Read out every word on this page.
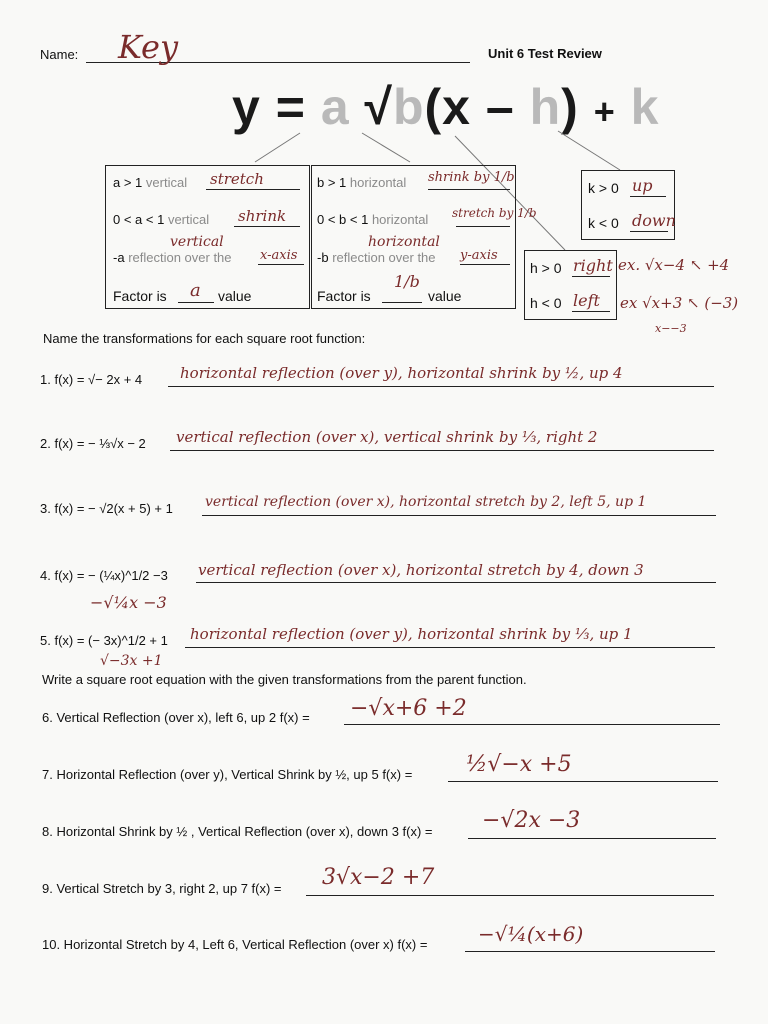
Name: Key	Unit 6 Test Review
y = a √b(x – h) + k
a > 1 vertical stretch
0 < a < 1 vertical shrink
vertical
-a reflection over the x-axis
Factor is a value
b > 1 horizontal shrink by 1/b
0 < b < 1 horizontal stretch by 1/b
horizontal
-b reflection over the y-axis
Factor is
1/b
value
k > 0 up
k < 0 down
h > 0 right
h < 0 left
ex. √x−4 ↖ +4
ex √x+3 ↖ (−3)
x−−3
Name the transformations for each square root function:
1. f(x) = √− 2x + 4	horizontal reflection (over y), horizontal shrink by ½, up 4
2. f(x) = − ⅓√x − 2 vertical reflection (over x), vertical shrink by ⅓, right 2
3. f(x) = − √2(x + 5) + 1 vertical reflection (over x), horizontal stretch by 2, left 5, up 1
4. f(x) = − (¼x)^1/2 −3 vertical reflection (over x), horizontal stretch by 4, down 3
−√¼x −3
5. f(x) = (− 3x)^1/2 + 1 horizontal reflection (over y), horizontal shrink by ⅓, up 1
√−3x +1
Write a square root equation with the given transformations from the parent function.
6. Vertical Reflection (over x), left 6, up 2 f(x) = −√x+6 +2
7. Horizontal Reflection (over y), Vertical Shrink by ½, up 5 f(x) = ½√−x +5
8. Horizontal Shrink by ½ , Vertical Reflection (over x), down 3 f(x) = −√2x −3
9. Vertical Stretch by 3, right 2, up 7 f(x) = 3√x−2 +7
10. Horizontal Stretch by 4, Left 6, Vertical Reflection (over x) f(x) =	−√¼(x+6)
